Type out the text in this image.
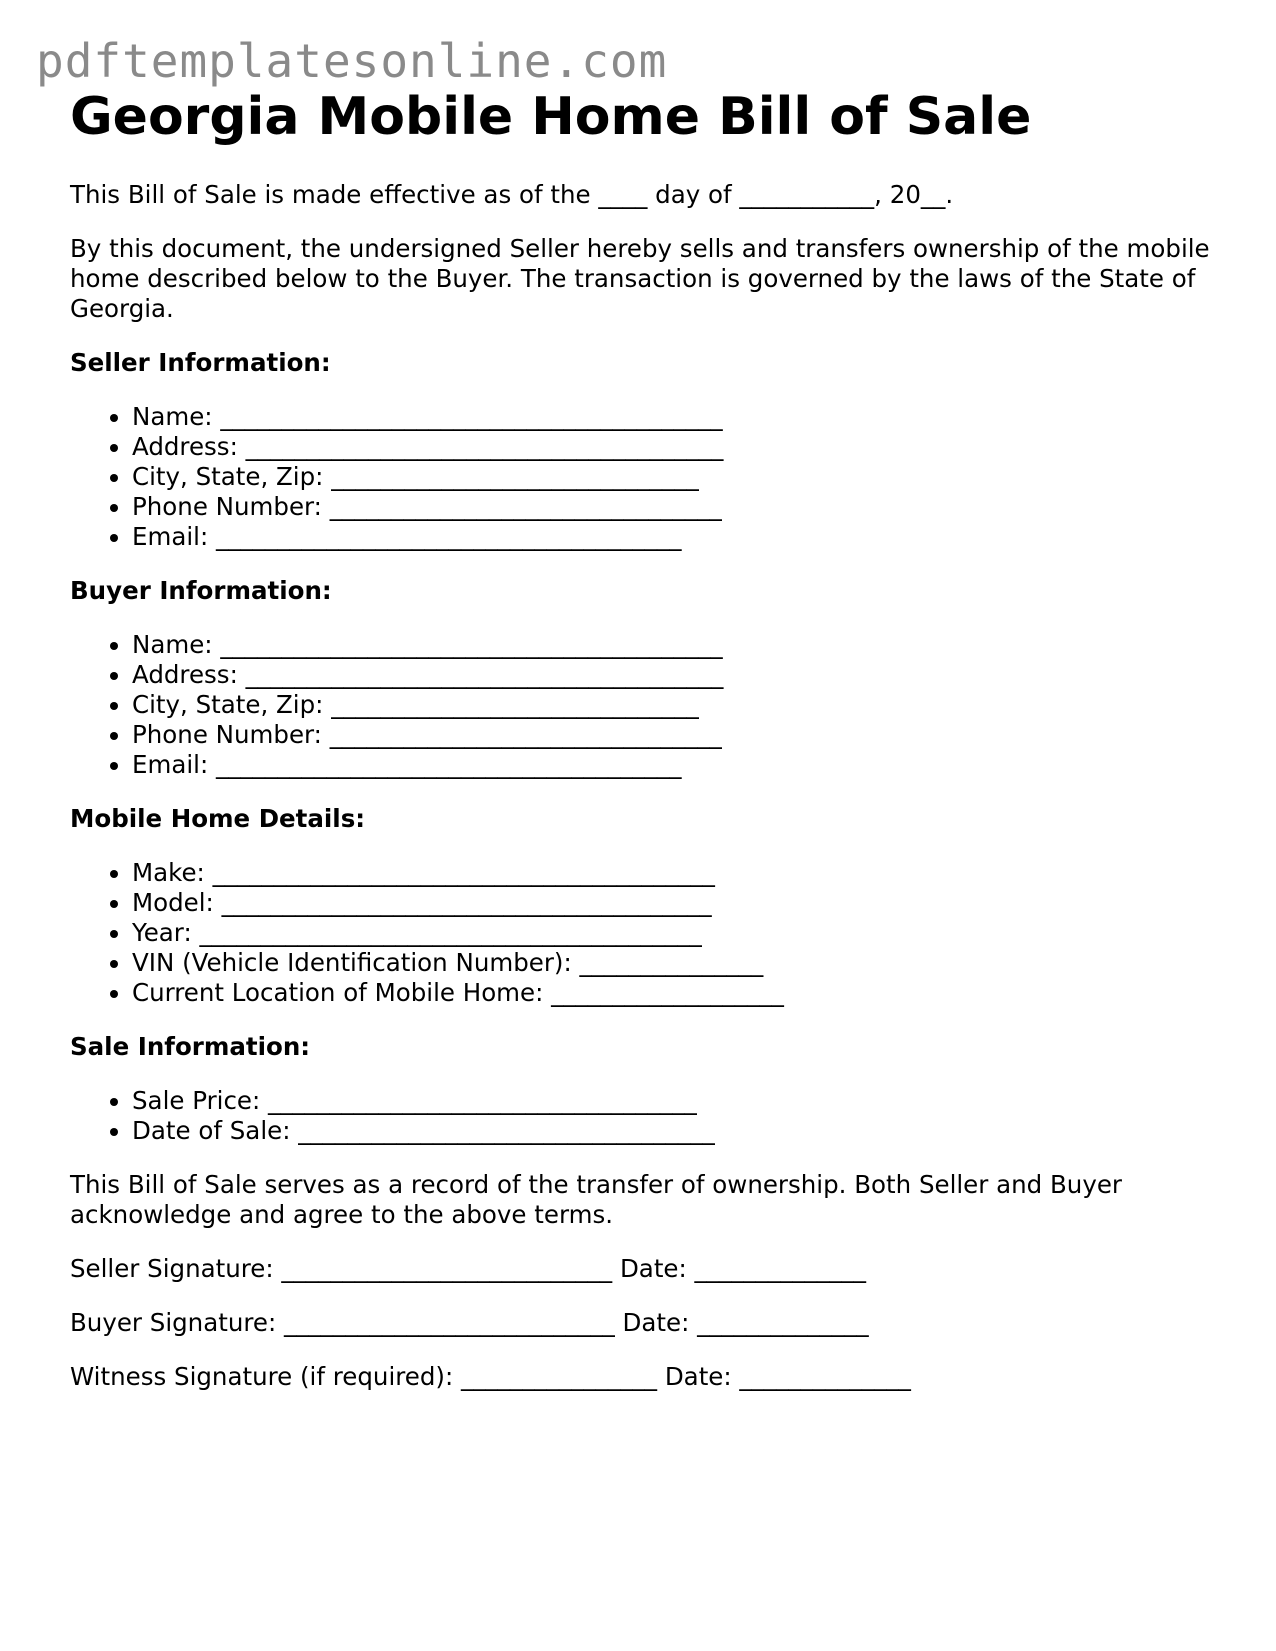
pdftemplatesonline.com
Georgia Mobile Home Bill of Sale

This Bill of Sale is made effective as of the ____ day of ___________, 20__.

By this document, the undersigned Seller hereby sells and transfers ownership of the mobile home described below to the Buyer. The transaction is governed by the laws of the State of Georgia.

Seller Information:
• Name: _________________________________________
• Address: _______________________________________
• City, State, Zip: ______________________________
• Phone Number: ________________________________
• Email: ______________________________________
Buyer Information:
• Name: _________________________________________
• Address: _______________________________________
• City, State, Zip: ______________________________
• Phone Number: ________________________________
• Email: ______________________________________
Mobile Home Details:
• Make: _________________________________________
• Model: ________________________________________
• Year: _________________________________________
• VIN (Vehicle Identification Number): _______________
• Current Location of Mobile Home: ___________________
Sale Information:
• Sale Price: ___________________________________
• Date of Sale: __________________________________

This Bill of Sale serves as a record of the transfer of ownership. Both Seller and Buyer acknowledge and agree to the above terms.

Seller Signature: ___________________________ Date: ______________

Buyer Signature: ___________________________ Date: ______________

Witness Signature (if required): ________________ Date: ______________
